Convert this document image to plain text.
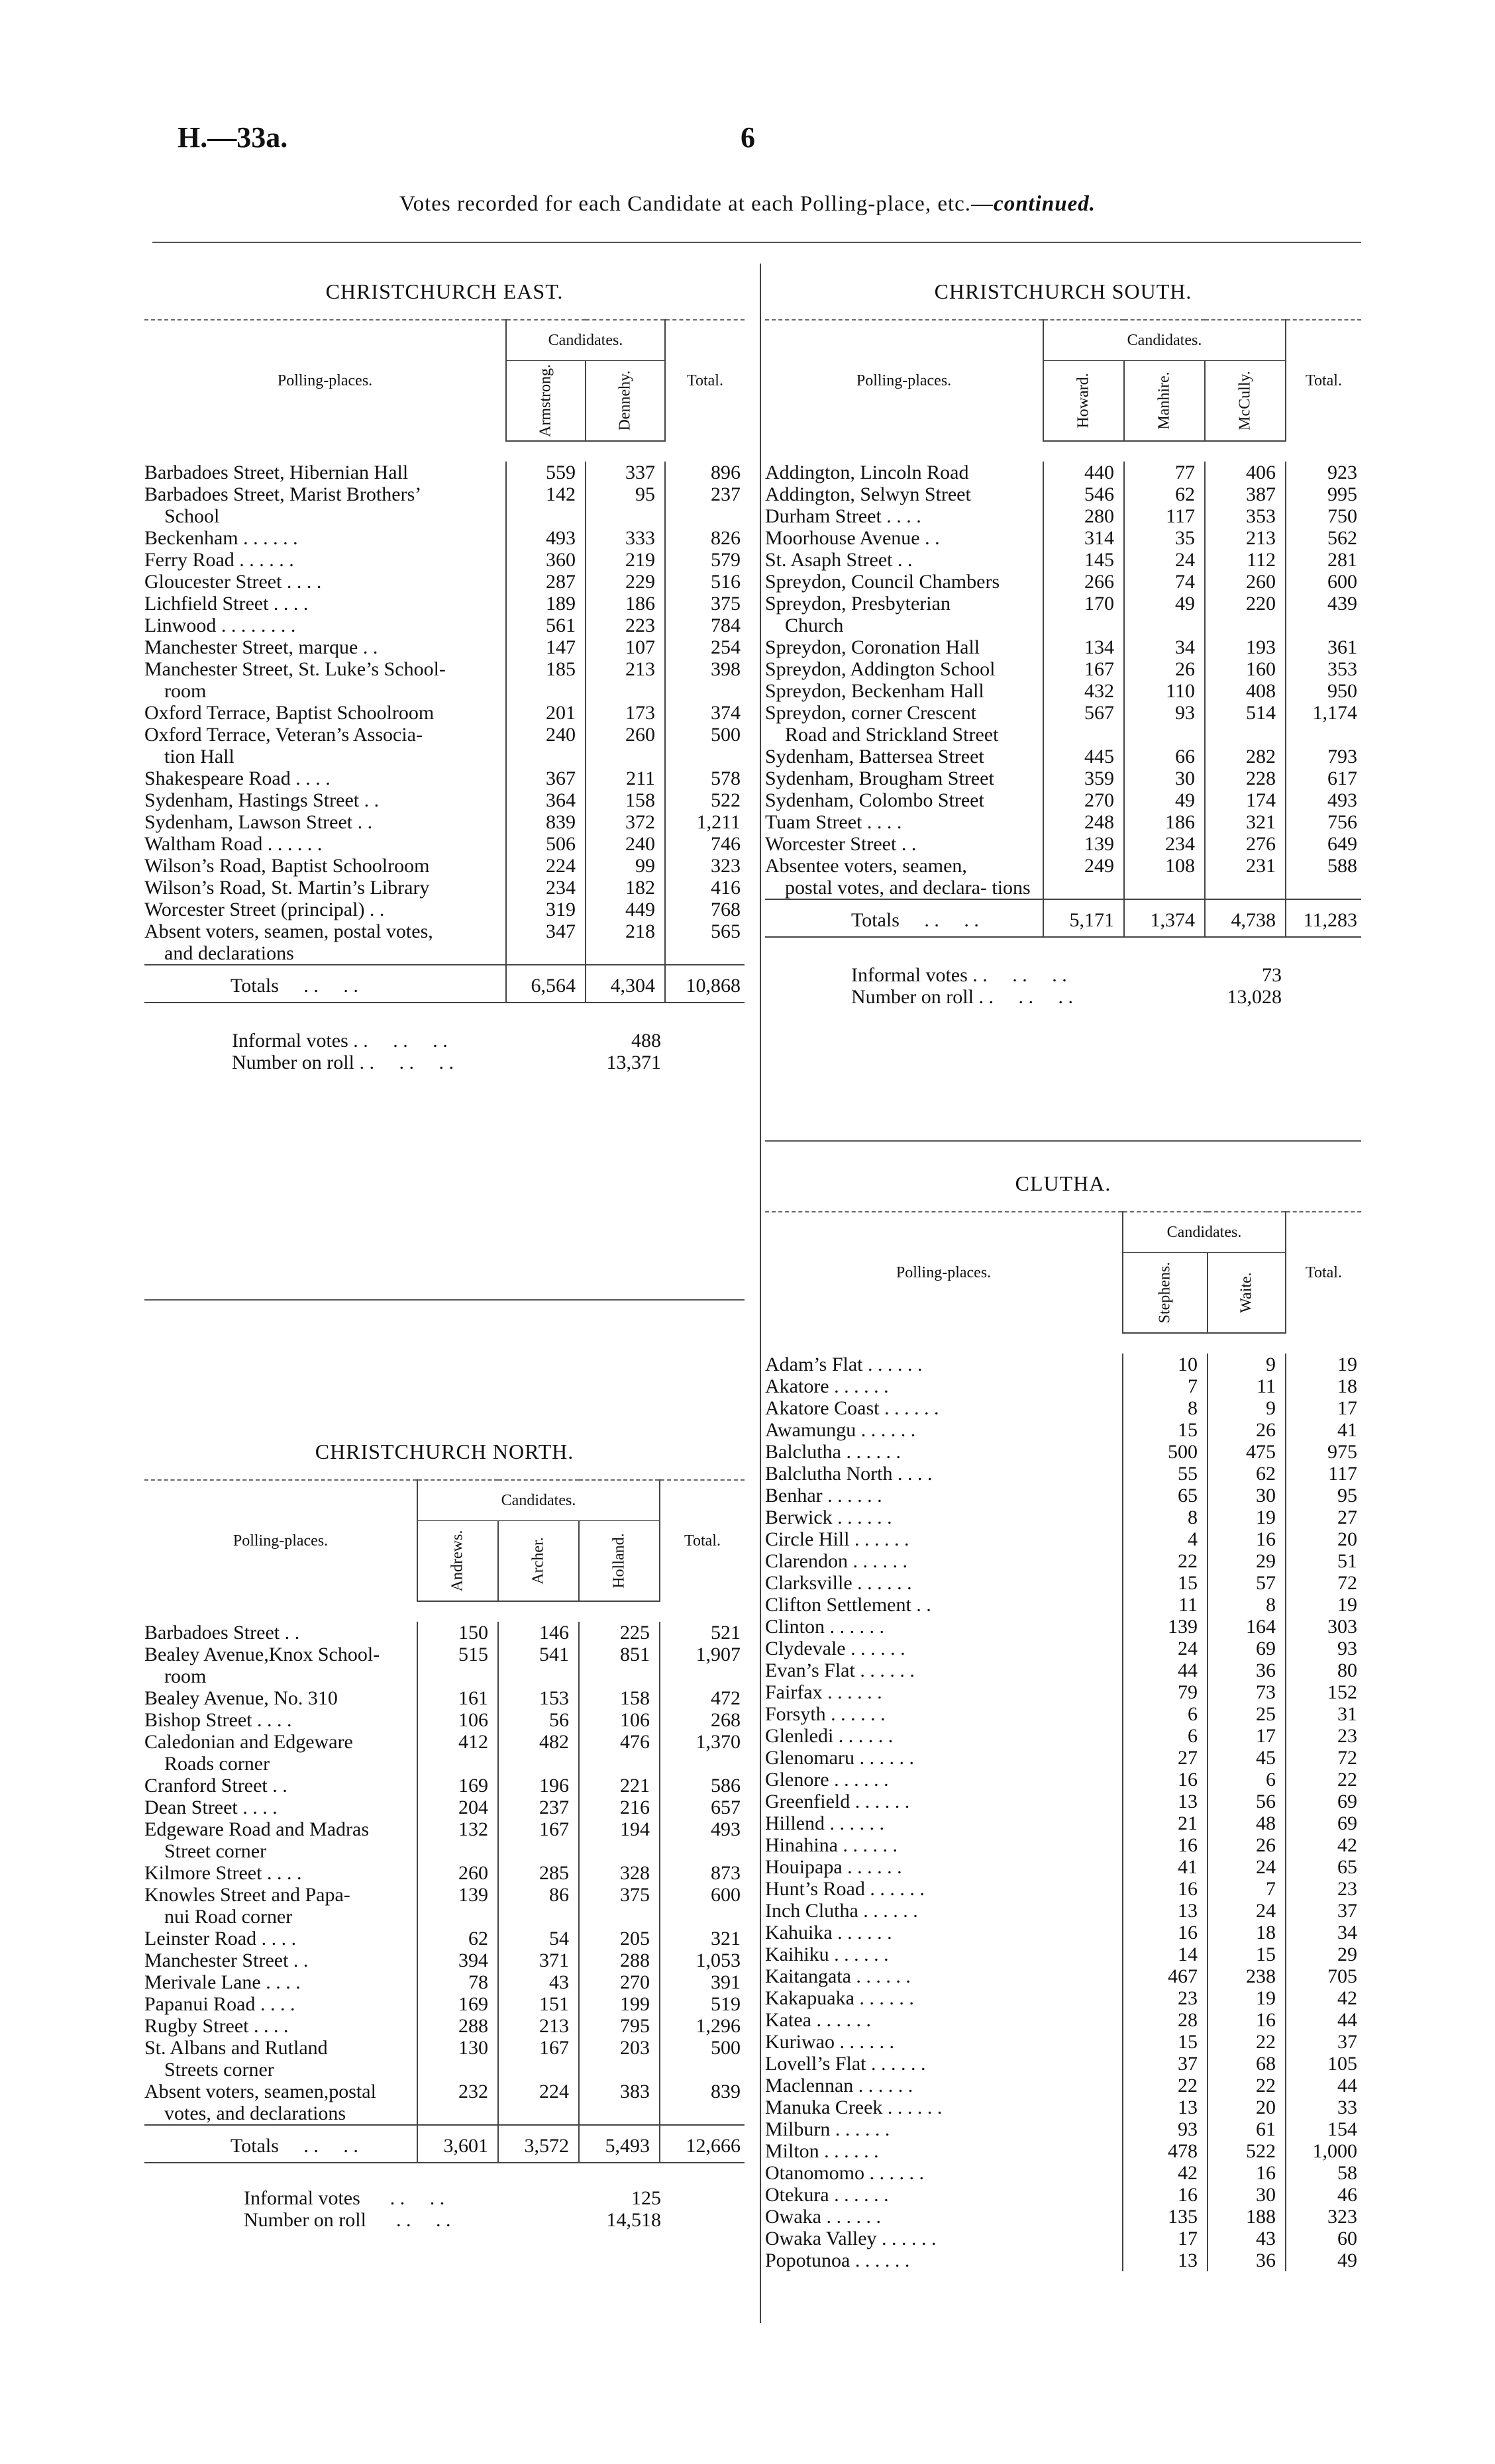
H.—33a.	6
Votes recorded for each Candidate at each Polling-place, etc.—continued.
CHRISTCHURCH EAST.
Polling-places.	Candidates.		Total.

	Armstrong.	Dennehy.	

Barbadoes Street, Hibernian Hall	559	337	896
Barbadoes Street, Marist Brothers’
School	142	95	237
Beckenham . . . . . .	493	333	826
Ferry Road . . . . . .	360	219	579
Gloucester Street . . . .	287	229	516
Lichfield Street . . . .	189	186	375
Linwood . . . . . . . .	561	223	784
Manchester Street, marque . .	147	107	254
Manchester Street, St. Luke’s School-
room	185	213	398
Oxford Terrace, Baptist Schoolroom	201	173	374
Oxford Terrace, Veteran’s Associa-
tion Hall	240	260	500
Shakespeare Road . . . .	367	211	578
Sydenham, Hastings Street . .	364	158	522
Sydenham, Lawson Street . .	839	372	1,211
Waltham Road . . . . . .	506	240	746
Wilson’s Road, Baptist Schoolroom	224	99	323
Wilson’s Road, St. Martin’s Library	234	182	416
Worcester Street (principal) . .	319	449	768
Absent voters, seamen, postal votes,
and declarations	347	218	565
Totals     . .     . .	6,564	4,304	10,868
Informal votes . .     . .     . .	488
Number on roll . .     . .     . .	13,371
CHRISTCHURCH SOUTH.
Polling-places.	Candidates.			Total.

	Howard.	Manhire.	McCully.	

Addington, Lincoln Road	440	77	406	923
Addington, Selwyn Street	546	62	387	995
Durham Street . . . .	280	117	353	750
Moorhouse Avenue . .	314	35	213	562
St. Asaph Street . .	145	24	112	281
Spreydon, Council Chambers	266	74	260	600
Spreydon, Presbyterian
Church	170	49	220	439
Spreydon, Coronation Hall	134	34	193	361
Spreydon, Addington School	167	26	160	353
Spreydon, Beckenham Hall	432	110	408	950
Spreydon, corner Crescent
Road and Strickland Street	567	93	514	1,174
Sydenham, Battersea Street	445	66	282	793
Sydenham, Brougham Street	359	30	228	617
Sydenham, Colombo Street	270	49	174	493
Tuam Street . . . .	248	186	321	756
Worcester Street . .	139	234	276	649
Absentee voters, seamen,
postal votes, and declara- tions	249	108	231	588
Totals     . .     . .	5,171	1,374	4,738	11,283
Informal votes . .     . .     . .	73
Number on roll . .     . .     . .	13,028
CHRISTCHURCH NORTH.
Polling-places.	Candidates.			Total.

	Andrews.	Archer.	Holland.	

Barbadoes Street . .	150	146	225	521
Bealey Avenue,Knox School-
room	515	541	851	1,907
Bealey Avenue, No. 310	161	153	158	472
Bishop Street . . . .	106	56	106	268
Caledonian and Edgeware
Roads corner	412	482	476	1,370
Cranford Street . .	169	196	221	586
Dean Street . . . .	204	237	216	657
Edgeware Road and Madras
Street corner	132	167	194	493
Kilmore Street . . . .	260	285	328	873
Knowles Street and Papa-
nui Road corner	139	86	375	600
Leinster Road . . . .	62	54	205	321
Manchester Street . .	394	371	288	1,053
Merivale Lane . . . .	78	43	270	391
Papanui Road . . . .	169	151	199	519
Rugby Street . . . .	288	213	795	1,296
St. Albans and Rutland
Streets corner	130	167	203	500
Absent voters, seamen,postal
votes, and declarations	232	224	383	839
Totals     . .     . .	3,601	3,572	5,493	12,666
Informal votes      . .     . .	125
Number on roll      . .     . .	14,518
CLUTHA.
Polling-places.	Candidates.		Total.

	Stephens.	Waite.	

Adam’s Flat . . . . . .	10	9	19
Akatore . . . . . .	7	11	18
Akatore Coast . . . . . .	8	9	17
Awamungu . . . . . .	15	26	41
Balclutha . . . . . .	500	475	975
Balclutha North . . . .	55	62	117
Benhar . . . . . .	65	30	95
Berwick . . . . . .	8	19	27
Circle Hill . . . . . .	4	16	20
Clarendon . . . . . .	22	29	51
Clarksville . . . . . .	15	57	72
Clifton Settlement . .	11	8	19
Clinton . . . . . .	139	164	303
Clydevale . . . . . .	24	69	93
Evan’s Flat . . . . . .	44	36	80
Fairfax . . . . . .	79	73	152
Forsyth . . . . . .	6	25	31
Glenledi . . . . . .	6	17	23
Glenomaru . . . . . .	27	45	72
Glenore . . . . . .	16	6	22
Greenfield . . . . . .	13	56	69
Hillend . . . . . .	21	48	69
Hinahina . . . . . .	16	26	42
Houipapa . . . . . .	41	24	65
Hunt’s Road . . . . . .	16	7	23
Inch Clutha . . . . . .	13	24	37
Kahuika . . . . . .	16	18	34
Kaihiku . . . . . .	14	15	29
Kaitangata . . . . . .	467	238	705
Kakapuaka . . . . . .	23	19	42
Katea . . . . . .	28	16	44
Kuriwao . . . . . .	15	22	37
Lovell’s Flat . . . . . .	37	68	105
Maclennan . . . . . .	22	22	44
Manuka Creek . . . . . .	13	20	33
Milburn . . . . . .	93	61	154
Milton . . . . . .	478	522	1,000
Otanomomo . . . . . .	42	16	58
Otekura . . . . . .	16	30	46
Owaka . . . . . .	135	188	323
Owaka Valley . . . . . .	17	43	60
Popotunoa . . . . . .	13	36	49
